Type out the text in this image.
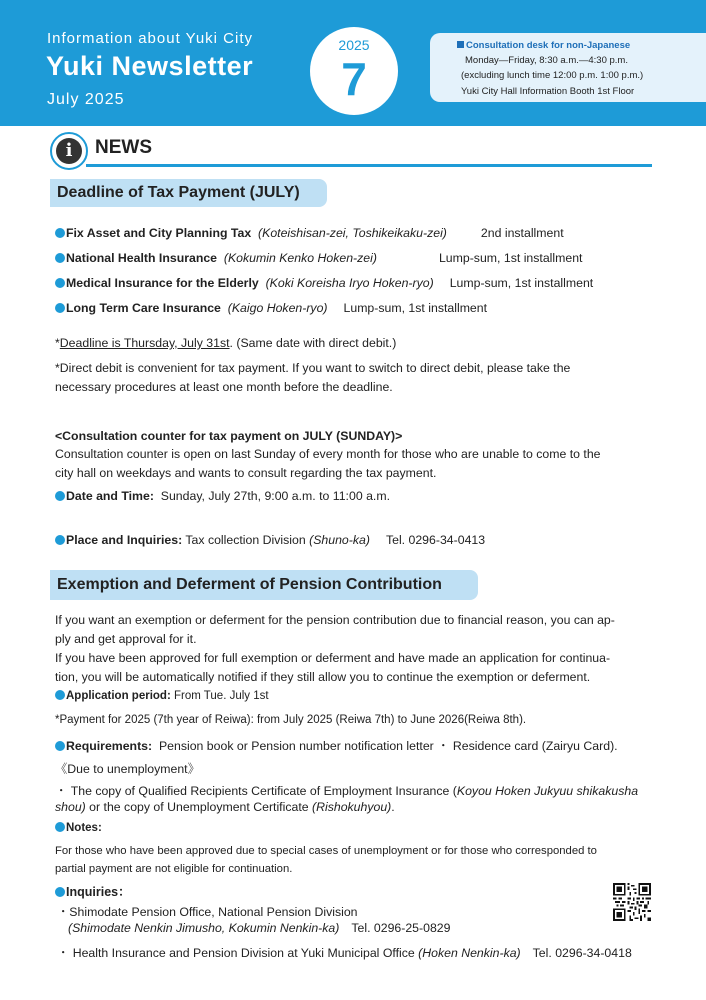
Information about Yuki City
Yuki Newsletter
July 2025
2025
7
Consultation desk for non-Japanese
Monday—Friday, 8:30 a.m.—4:30 p.m.
(excluding lunch time 12:00 p.m. 1:00 p.m.)
Yuki City Hall Information Booth 1st Floor
i	NEWS
Deadline of Tax Payment (JULY)
Fix Asset and City Planning Tax (Koteishisan-zei, Toshikeikaku-zei)	2nd installment
National Health Insurance (Kokumin Kenko Hoken-zei)	Lump-sum, 1st installment
Medical Insurance for the Elderly (Koki Koreisha Iryo Hoken-ryo) Lump-sum, 1st installment
Long Term Care Insurance (Kaigo Hoken-ryo) Lump-sum, 1st installment
*Deadline is Thursday, July 31st. (Same date with direct debit.)
*Direct debit is convenient for tax payment. If you want to switch to direct debit, please take the
necessary procedures at least one month before the deadline.
<Consultation counter for tax payment on JULY (SUNDAY)>
Consultation counter is open on last Sunday of every month for those who are unable to come to the
city hall on weekdays and wants to consult regarding the tax payment.
Date and Time: Sunday, July 27th, 9:00 a.m. to 11:00 a.m.
Place and Inquiries: Tax collection Division (Shuno-ka) Tel. 0296-34-0413
Exemption and Deferment of Pension Contribution
If you want an exemption or deferment for the pension contribution due to financial reason, you can ap-
ply and get approval for it.
If you have been approved for full exemption or deferment and have made an application for continua-
tion, you will be automatically notified if they still allow you to continue the exemption or deferment.
Application period: From Tue. July 1st
*Payment for 2025 (7th year of Reiwa): from July 2025 (Reiwa 7th) to June 2026(Reiwa 8th).
Requirements: Pension book or Pension number notification letter ・ Residence card (Zairyu Card).
《Due to unemployment》
・ The copy of Qualified Recipients Certificate of Employment Insurance (Koyou Hoken Jukyuu shikakusha
shou) or the copy of Unemployment Certificate (Rishokuhyou).
Notes:
For those who have been approved due to special cases of unemployment or for those who corresponded to
partial payment are not eligible for continuation.
Inquiries：
・Shimodate Pension Office, National Pension Division
(Shimodate Nenkin Jimusho, Kokumin Nenkin-ka) Tel. 0296-25-0829
・ Health Insurance and Pension Division at Yuki Municipal Office (Hoken Nenkin-ka) Tel. 0296-34-0418
